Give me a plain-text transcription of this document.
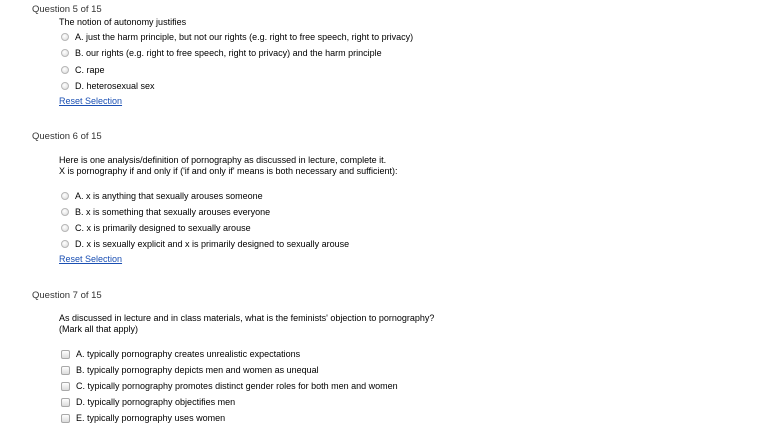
Question 5 of 15
The notion of autonomy justifies
A. just the harm principle, but not our rights (e.g. right to free speech, right to privacy)
B. our rights (e.g. right to free speech, right to privacy) and the harm principle
C. rape
D. heterosexual sex
Reset Selection
Question 6 of 15
Here is one analysis/definition of pornography as discussed in lecture, complete it.
X is pornography if and only if ('if and only if' means is both necessary and sufficient):
A. x is anything that sexually arouses someone
B. x is something that sexually arouses everyone
C. x is primarily designed to sexually arouse
D. x is sexually explicit and x is primarily designed to sexually arouse
Reset Selection
Question 7 of 15
As discussed in lecture and in class materials, what is the feminists' objection to pornography?
(Mark all that apply)
A. typically pornography creates unrealistic expectations
B. typically pornography depicts men and women as unequal
C. typically pornography promotes distinct gender roles for both men and women
D. typically pornography objectifies men
E. typically pornography uses women
